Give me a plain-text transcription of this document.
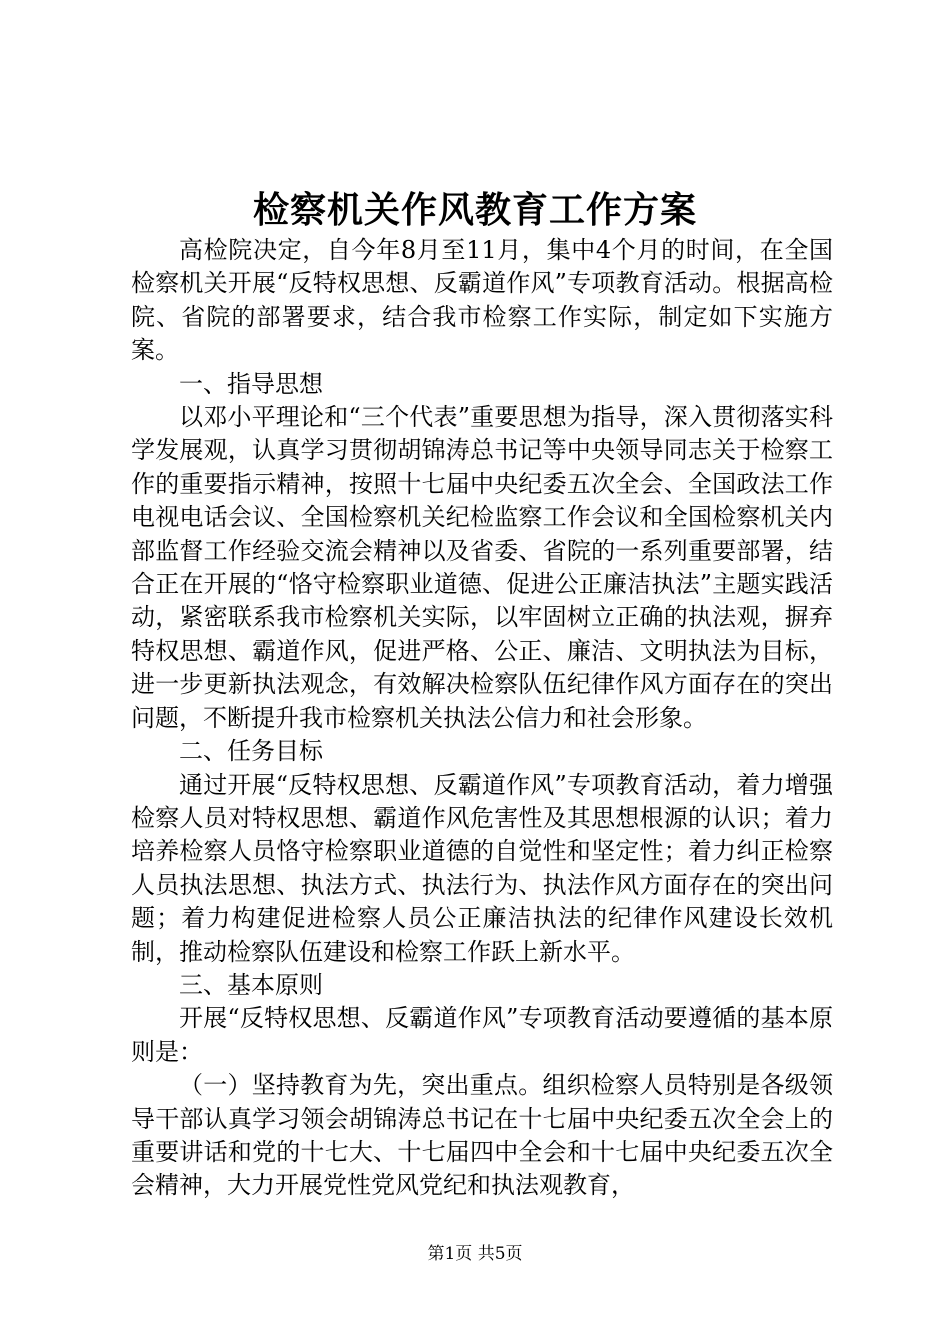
检察机关作风教育工作方案

高检院决定，自今年8月至11月，集中4个月的时间，在全国检察机关开展“反特权思想、反霸道作风”专项教育活动。根据高检院、省院的部署要求，结合我市检察工作实际，制定如下实施方案。

一、指导思想

以邓小平理论和“三个代表”重要思想为指导，深入贯彻落实科学发展观，认真学习贯彻胡锦涛总书记等中央领导同志关于检察工作的重要指示精神，按照十七届中央纪委五次全会、全国政法工作电视电话会议、全国检察机关纪检监察工作会议和全国检察机关内部监督工作经验交流会精神以及省委、省院的一系列重要部署，结合正在开展的“恪守检察职业道德、促进公正廉洁执法”主题实践活动，紧密联系我市检察机关实际，以牢固树立正确的执法观，摒弃特权思想、霸道作风，促进严格、公正、廉洁、文明执法为目标，进一步更新执法观念，有效解决检察队伍纪律作风方面存在的突出问题，不断提升我市检察机关执法公信力和社会形象。

二、任务目标

通过开展“反特权思想、反霸道作风”专项教育活动，着力增强检察人员对特权思想、霸道作风危害性及其思想根源的认识；着力培养检察人员恪守检察职业道德的自觉性和坚定性；着力纠正检察人员执法思想、执法方式、执法行为、执法作风方面存在的突出问题；着力构建促进检察人员公正廉洁执法的纪律作风建设长效机制，推动检察队伍建设和检察工作跃上新水平。

三、基本原则

开展“反特权思想、反霸道作风”专项教育活动要遵循的基本原则是：

（一）坚持教育为先，突出重点。组织检察人员特别是各级领导干部认真学习领会胡锦涛总书记在十七届中央纪委五次全会上的重要讲话和党的十七大、十七届四中全会和十七届中央纪委五次全会精神，大力开展党性党风党纪和执法观教育，

第1页 共5页
